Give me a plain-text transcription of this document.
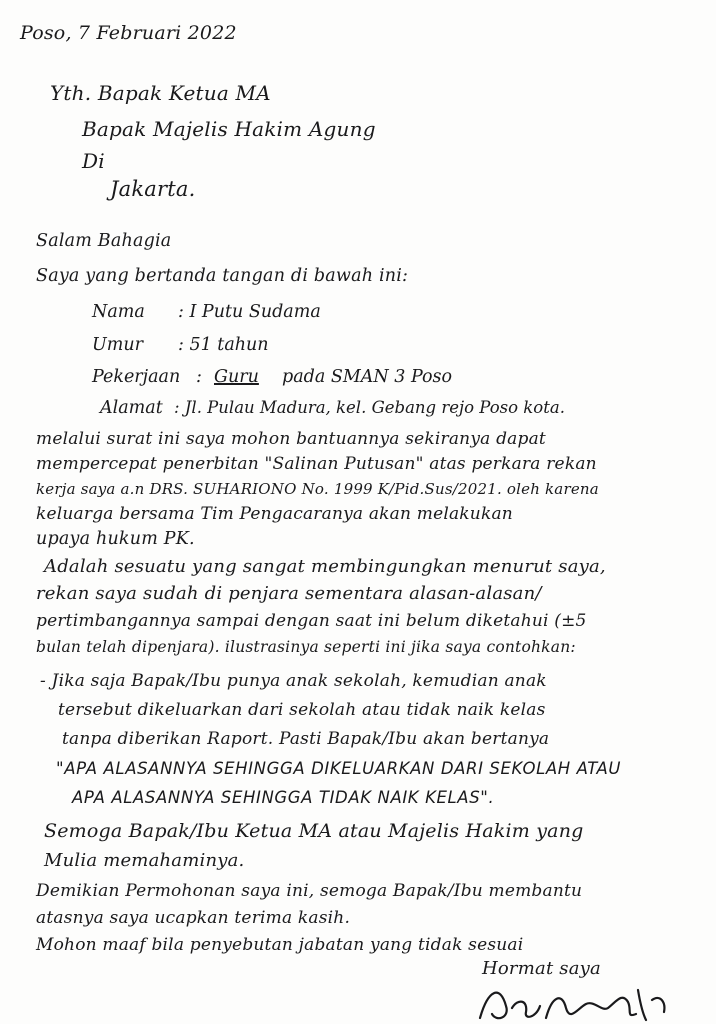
Poso, 7 Februari 2022
Yth. Bapak Ketua MA
Bapak Majelis Hakim Agung
Di
Jakarta.
Salam Bahagia
Saya yang bertanda tangan di bawah ini:
Nama : I Putu Sudama
Umur : 51 tahun
Pekerjaan : Guru pada SMAN 3 Poso
Alamat : Jl. Pulau Madura, kel. Gebang rejo Poso kota.
melalui surat ini saya mohon bantuannya sekiranya dapat
mempercepat penerbitan "Salinan Putusan" atas perkara rekan
kerja saya a.n DRS. SUHARIONO No. 1999 K/Pid.Sus/2021. oleh karena
keluarga bersama Tim Pengacaranya akan melakukan
upaya hukum PK.
Adalah sesuatu yang sangat membingungkan menurut saya,
rekan saya sudah di penjara sementara alasan-alasan/
pertimbangannya sampai dengan saat ini belum diketahui (±5
bulan telah dipenjara). ilustrasinya seperti ini jika saya contohkan:
- Jika saja Bapak/Ibu punya anak sekolah, kemudian anak
tersebut dikeluarkan dari sekolah atau tidak naik kelas
tanpa diberikan Raport. Pasti Bapak/Ibu akan bertanya
"APA ALASANNYA SEHINGGA DIKELUARKAN DARI SEKOLAH ATAU
APA ALASANNYA SEHINGGA TIDAK NAIK KELAS".
Semoga Bapak/Ibu Ketua MA atau Majelis Hakim yang
Mulia memahaminya.
Demikian Permohonan saya ini, semoga Bapak/Ibu membantu
atasnya saya ucapkan terima kasih.
Mohon maaf bila penyebutan jabatan yang tidak sesuai
Hormat saya
